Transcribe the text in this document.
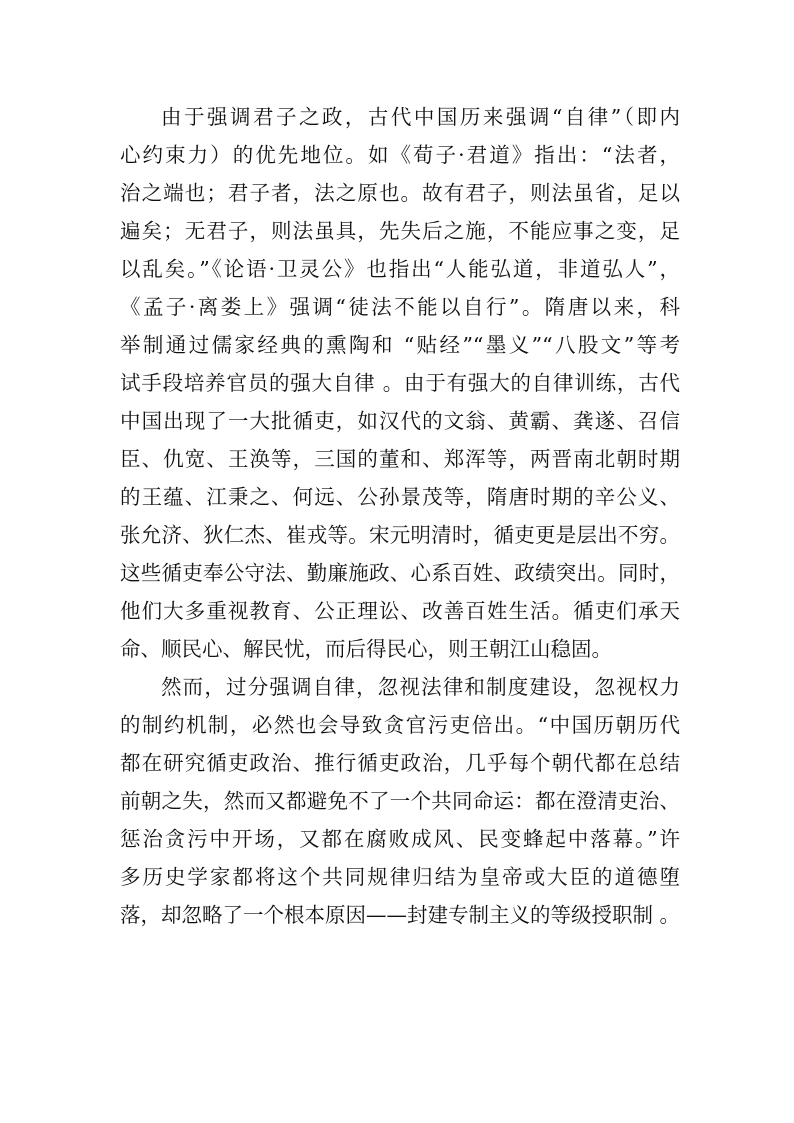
由于强调君子之政，古代中国历来强调“自律”（即内
心约束力）的优先地位。如《荀子·君道》指出：“法者，
治之端也；君子者，法之原也。故有君子，则法虽省，足以
遍矣；无君子，则法虽具，先失后之施，不能应事之变，足
以乱矣。”《论语·卫灵公》也指出“人能弘道，非道弘人”，
《孟子·离娄上》强调“徒法不能以自行”。隋唐以来，科
举制通过儒家经典的熏陶和 “贴经”“墨义”“八股文”等考
试手段培养官员的强大自律 。由于有强大的自律训练，古代
中国出现了一大批循吏，如汉代的文翁、黄霸、龚遂、召信
臣、仇宽、王涣等，三国的董和、郑浑等，两晋南北朝时期
的王蕴、江秉之、何远、公孙景茂等，隋唐时期的辛公义、
张允济、狄仁杰、崔戎等。宋元明清时，循吏更是层出不穷。
这些循吏奉公守法、勤廉施政、心系百姓、政绩突出。同时，
他们大多重视教育、公正理讼、改善百姓生活。循吏们承天
命、顺民心、解民忧，而后得民心，则王朝江山稳固。
然而，过分强调自律，忽视法律和制度建设，忽视权力
的制约机制，必然也会导致贪官污吏倍出。“中国历朝历代
都在研究循吏政治、推行循吏政治，几乎每个朝代都在总结
前朝之失，然而又都避免不了一个共同命运：都在澄清吏治、
惩治贪污中开场，又都在腐败成风、民变蜂起中落幕。”许
多历史学家都将这个共同规律归结为皇帝或大臣的道德堕
落，却忽略了一个根本原因——封建专制主义的等级授职制 。
